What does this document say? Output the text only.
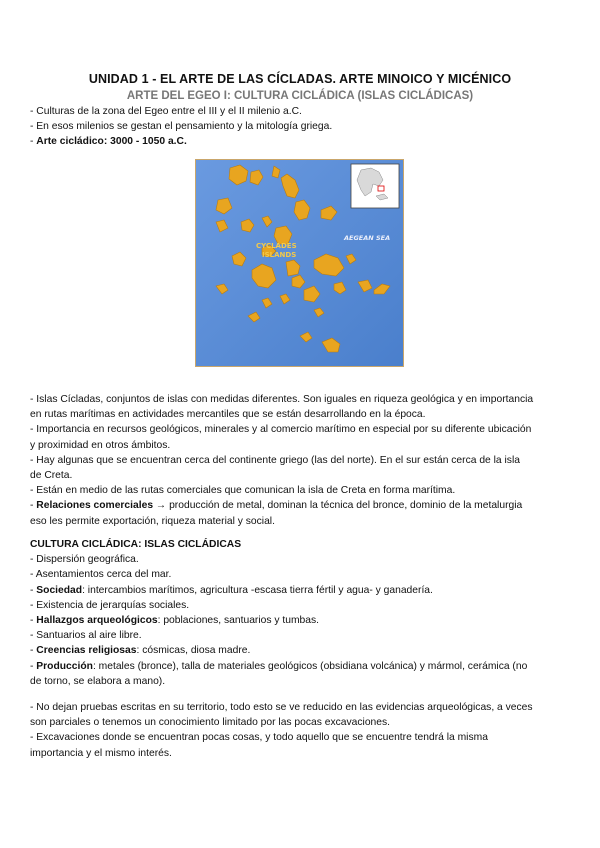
UNIDAD 1 - EL ARTE DE LAS CÍCLADAS. ARTE MINOICO Y MICÉNICO
ARTE DEL EGEO I: CULTURA CICLÁDICA (ISLAS CICLÁDICAS)

- Culturas de la zona del Egeo entre el III y el II milenio a.C.

- En esos milenios se gestan el pensamiento y la mitología griega.

- Arte cicládico: 3000 - 1050 a.C.

CYCLADES
ISLANDS
AEGEAN SEA

- Islas Cícladas, conjuntos de islas con medidas diferentes. Son iguales en riqueza geológica y en importancia

en rutas marítimas en actividades mercantiles que se están desarrollando en la época.

- Importancia en recursos geológicos, minerales y al comercio marítimo en especial por su diferente ubicación

y proximidad en otros ámbitos.

- Hay algunas que se encuentran cerca del continente griego (las del norte). En el sur están cerca de la isla

de Creta.

- Están en medio de las rutas comerciales que comunican la isla de Creta en forma marítima.

- Relaciones comerciales → producción de metal, dominan la técnica del bronce, dominio de la metalurgia

eso les permite exportación, riqueza material y social.

CULTURA CICLÁDICA: ISLAS CICLÁDICAS

- Dispersión geográfica.

- Asentamientos cerca del mar.

- Sociedad: intercambios marítimos, agricultura -escasa tierra fértil y agua- y ganadería.

- Existencia de jerarquías sociales.

- Hallazgos arqueológicos: poblaciones, santuarios y tumbas.

- Santuarios al aire libre.

- Creencias religiosas: cósmicas, diosa madre.

- Producción: metales (bronce), talla de materiales geológicos (obsidiana volcánica) y mármol, cerámica (no

de torno, se elabora a mano).

- No dejan pruebas escritas en su territorio, todo esto se ve reducido en las evidencias arqueológicas, a veces

son parciales o tenemos un conocimiento limitado por las pocas excavaciones.

- Excavaciones donde se encuentran pocas cosas, y todo aquello que se encuentre tendrá la misma

importancia y el mismo interés.
